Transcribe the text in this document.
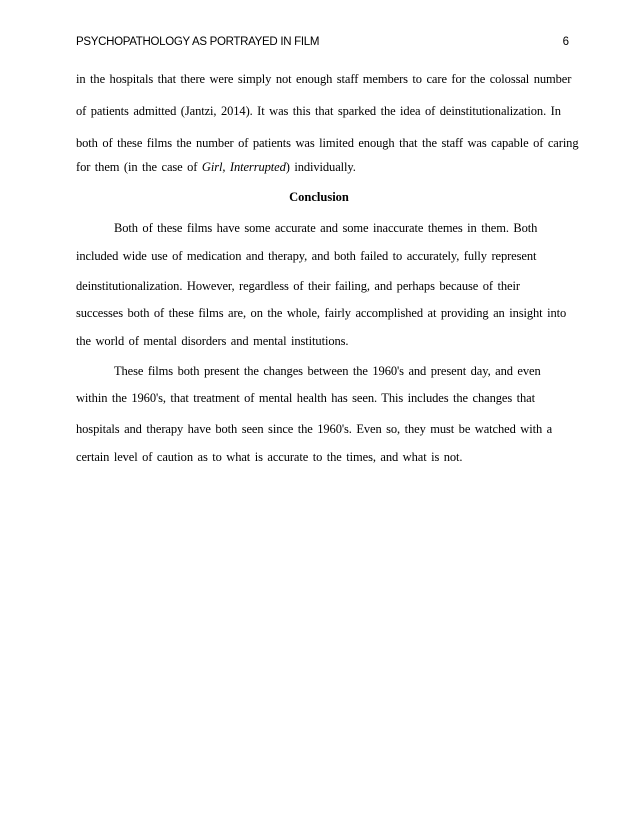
PSYCHOPATHOLOGY AS PORTRAYED IN FILM	6
in the hospitals that there were simply not enough staff members to care for the colossal number
of patients admitted (Jantzi, 2014). It was this that sparked the idea of deinstitutionalization. In
both of these films the number of patients was limited enough that the staff was capable of caring
for them (in the case of Girl, Interrupted) individually.
Conclusion
Both of these films have some accurate and some inaccurate themes in them. Both
included wide use of medication and therapy, and both failed to accurately, fully represent
deinstitutionalization. However, regardless of their failing, and perhaps because of their
successes both of these films are, on the whole, fairly accomplished at providing an insight into
the world of mental disorders and mental institutions.
These films both present the changes between the 1960's and present day, and even
within the 1960's, that treatment of mental health has seen. This includes the changes that
hospitals and therapy have both seen since the 1960's. Even so, they must be watched with a
certain level of caution as to what is accurate to the times, and what is not.
